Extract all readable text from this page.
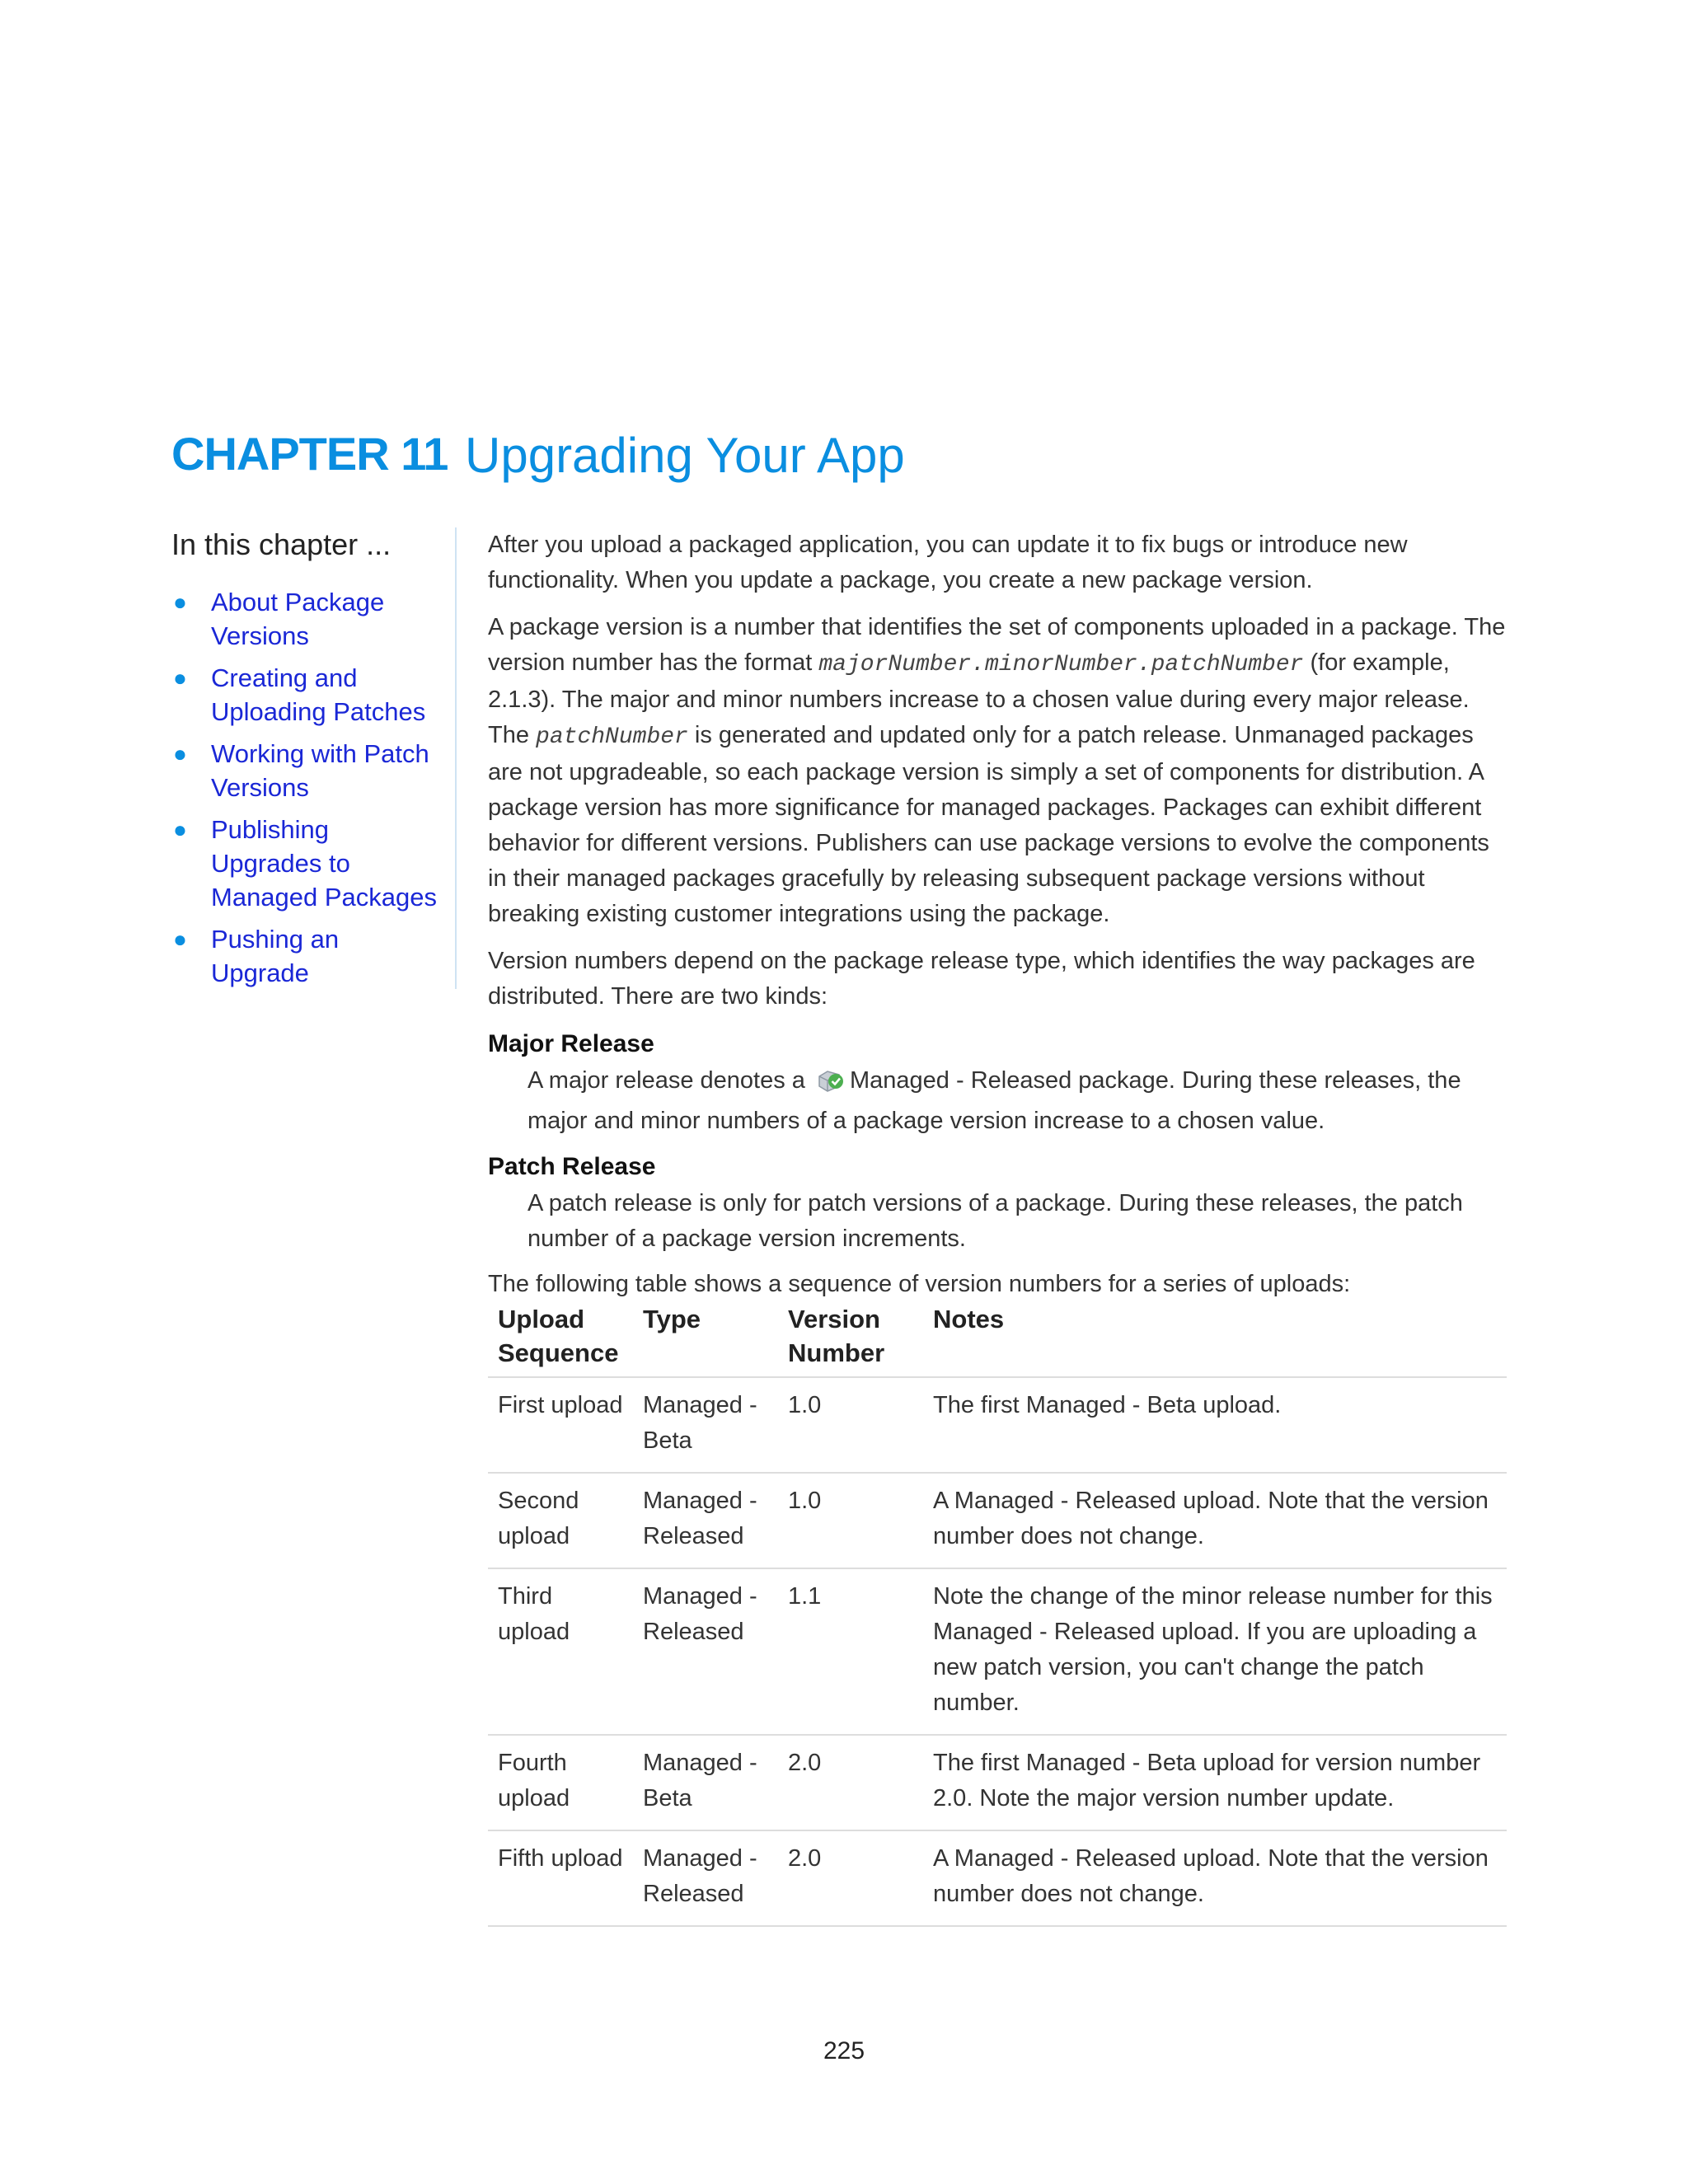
CHAPTER 11 Upgrading Your App
In this chapter ...
● About Package Versions
● Creating and Uploading Patches
● Working with Patch Versions
● Publishing Upgrades to Managed Packages
● Pushing an Upgrade

After you upload a packaged application, you can update it to fix bugs or introduce new functionality. When you update a package, you create a new package version.

A package version is a number that identifies the set of components uploaded in a package. The version number has the format majorNumber.minorNumber.patchNumber (for example, 2.1.3). The major and minor numbers increase to a chosen value during every major release. The patchNumber is generated and updated only for a patch release. Unmanaged packages are not upgradeable, so each package version is simply a set of components for distribution. A package version has more significance for managed packages. Packages can exhibit different behavior for different versions. Publishers can use package versions to evolve the components in their managed packages gracefully by releasing subsequent package versions without breaking existing customer integrations using the package.

Version numbers depend on the package release type, which identifies the way packages are distributed. There are two kinds:

Major Release
A major release denotes a Managed - Released package. During these releases, the major and minor numbers of a package version increase to a chosen value.
Patch Release
A patch release is only for patch versions of a package. During these releases, the patch number of a package version increments.

The following table shows a sequence of version numbers for a series of uploads:

Upload Sequence	Type	Version Number	Notes
First upload	Managed - Beta	1.0	The first Managed - Beta upload.
Second upload	Managed - Released	1.0	A Managed - Released upload. Note that the version number does not change.
Third upload	Managed - Released	1.1	Note the change of the minor release number for this Managed - Released upload. If you are uploading a new patch version, you can't change the patch number.
Fourth upload	Managed - Beta	2.0	The first Managed - Beta upload for version number 2.0. Note the major version number update.
Fifth upload	Managed - Released	2.0	A Managed - Released upload. Note that the version number does not change.
225
